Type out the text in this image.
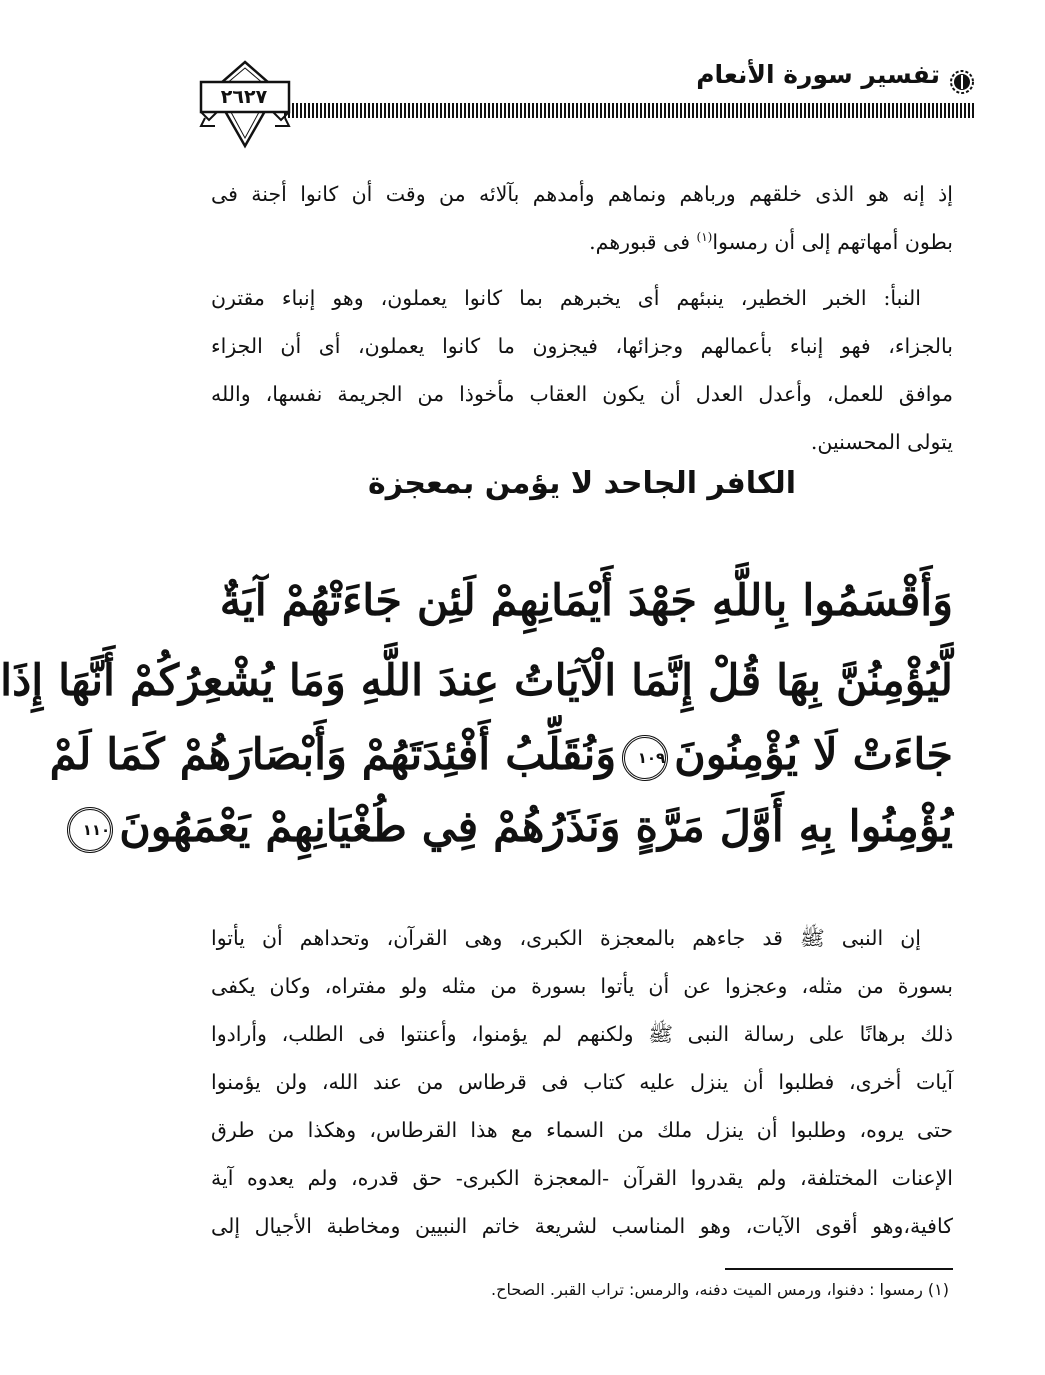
تفسير سورة الأنعام
٢٦٢٧
إذ إنه هو الذى خلقهم ورباهم ونماهم وأمدهم بآلائه من وقت أن كانوا أجنة فى
بطون أمهاتهم إلى أن رمسوا$^{(١)}$ فى قبورهم.
النبأ: الخبر الخطير، ينبئهم أى يخبرهم بما كانوا يعملون، وهو إنباء مقترن
بالجزاء، فهو إنباء بأعمالهم وجزائها، فيجزون ما كانوا يعملون، أى أن الجزاء
موافق للعمل، وأعدل العدل أن يكون العقاب مأخوذا من الجريمة نفسها، والله
يتولى المحسنين.
الكافر الجاحد لا يؤمن بمعجزة
وَأَقْسَمُوا بِاللَّهِ جَهْدَ أَيْمَانِهِمْ لَئِن جَاءَتْهُمْ آيَةٌ
لَّيُؤْمِنُنَّ بِهَا قُلْ إِنَّمَا الْآيَاتُ عِندَ اللَّهِ وَمَا يُشْعِرُكُمْ أَنَّهَا إِذَا
جَاءَتْ لَا يُؤْمِنُونَ١٠٩وَنُقَلِّبُ أَفْئِدَتَهُمْ وَأَبْصَارَهُمْ كَمَا لَمْ
يُؤْمِنُوا بِهِ أَوَّلَ مَرَّةٍ وَنَذَرُهُمْ فِي طُغْيَانِهِمْ يَعْمَهُونَ١١٠
إن النبى ﷺ قد جاءهم بالمعجزة الكبرى، وهى القرآن، وتحداهم أن يأتوا
بسورة من مثله، وعجزوا عن أن يأتوا بسورة من مثله ولو مفتراه، وكان يكفى
ذلك برهانًا على رسالة النبى ﷺ ولكنهم لم يؤمنوا، وأعنتوا فى الطلب، وأرادوا
آيات أخرى، فطلبوا أن ينزل عليه كتاب فى قرطاس من عند الله، ولن يؤمنوا
حتى يروه، وطلبوا أن ينزل ملك من السماء مع هذا القرطاس، وهكذا من طرق
الإعنات المختلفة، ولم يقدروا القرآن -المعجزة الكبرى- حق قدره، ولم يعدوه آية
كافية،وهو أقوى الآيات، وهو المناسب لشريعة خاتم النبيين ومخاطبة الأجيال إلى
(١) رمسوا : دفنوا، ورمس الميت دفنه، والرمس: تراب القبر. الصحاح.
